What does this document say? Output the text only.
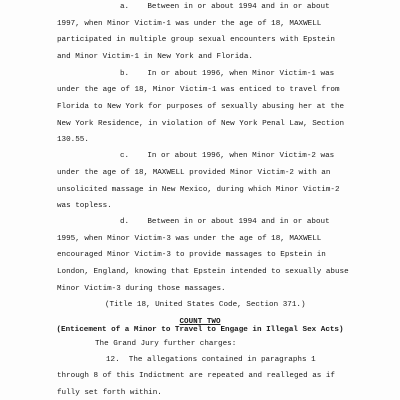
a.    Between in or about 1994 and in or about
1997, when Minor Victim-1 was under the age of 18, MAXWELL
participated in multiple group sexual encounters with Epstein
and Minor Victim-1 in New York and Florida.
b.    In or about 1996, when Minor Victim-1 was
under the age of 18, Minor Victim-1 was enticed to travel from
Florida to New York for purposes of sexually abusing her at the
New York Residence, in violation of New York Penal Law, Section
130.55.
c.    In or about 1996, when Minor Victim-2 was
under the age of 18, MAXWELL provided Minor Victim-2 with an
unsolicited massage in New Mexico, during which Minor Victim-2
was topless.
d.    Between in or about 1994 and in or about
1995, when Minor Victim-3 was under the age of 18, MAXWELL
encouraged Minor Victim-3 to provide massages to Epstein in
London, England, knowing that Epstein intended to sexually abuse
Minor Victim-3 during those massages.
(Title 18, United States Code, Section 371.)
COUNT TWO
(Enticement of a Minor to Travel to Engage in Illegal Sex Acts)
The Grand Jury further charges:
12.  The allegations contained in paragraphs 1
through 8 of this Indictment are repeated and realleged as if
fully set forth within.
